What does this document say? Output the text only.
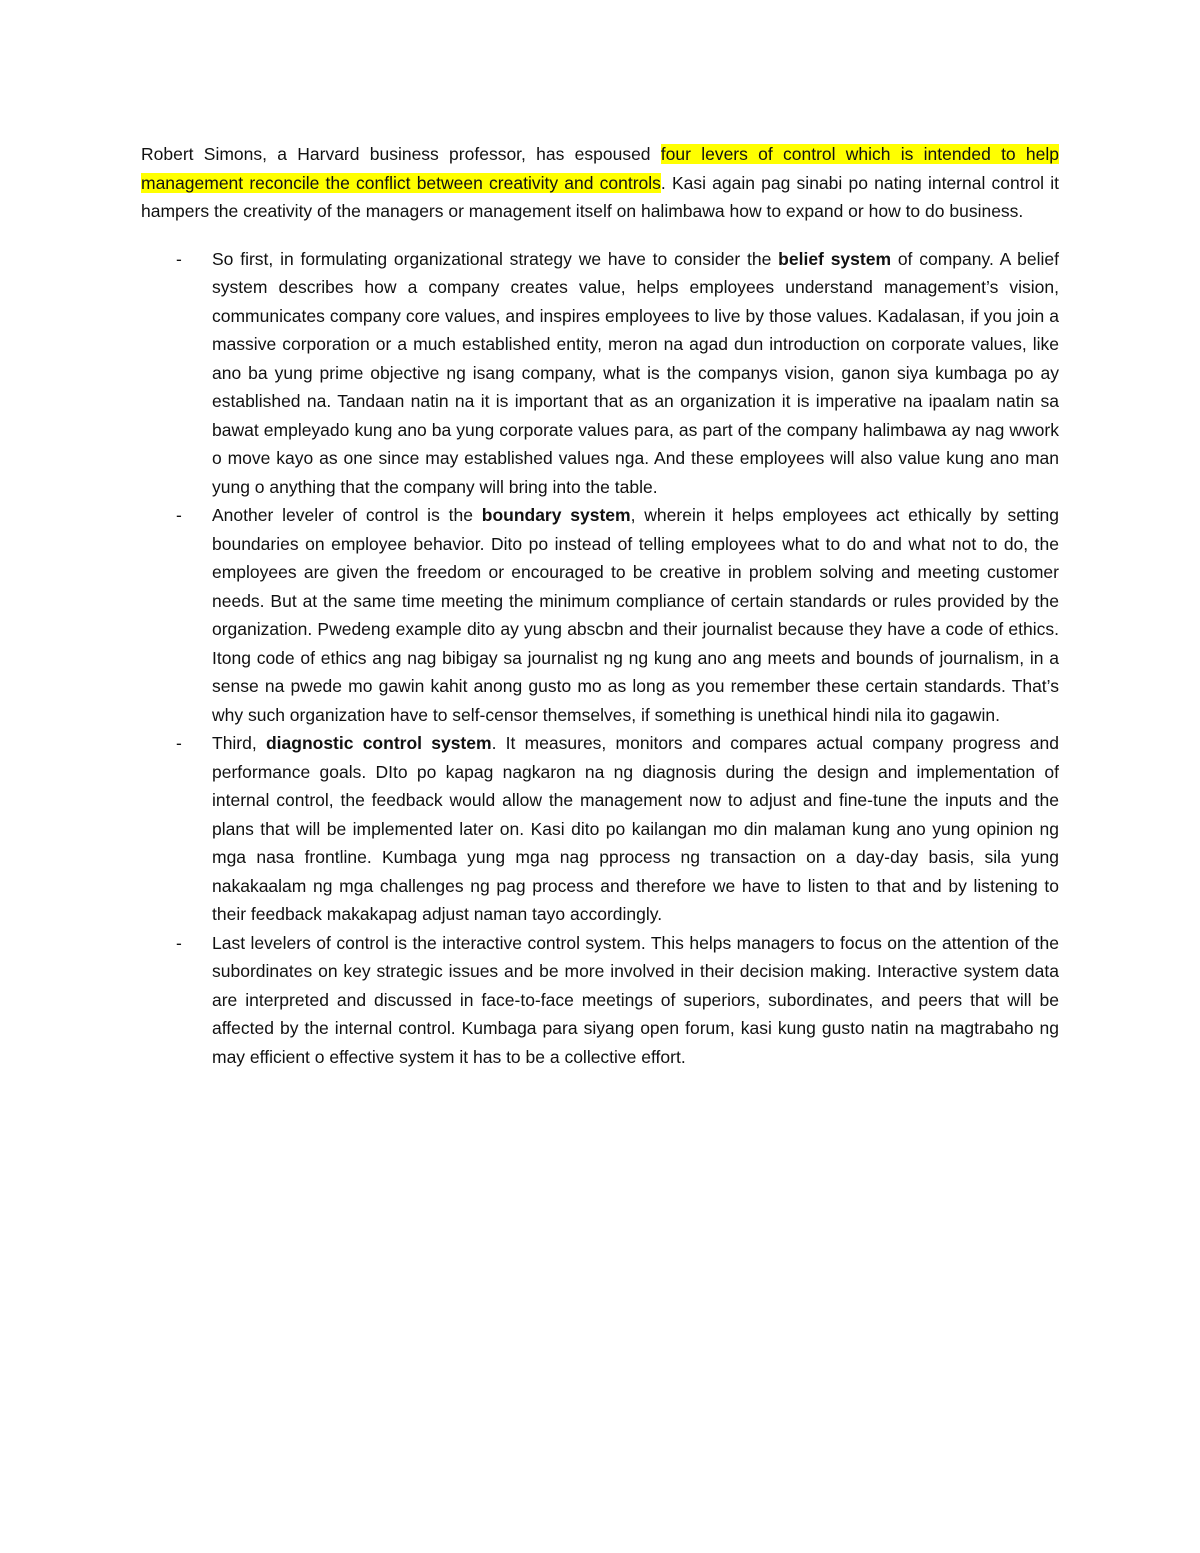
Robert Simons, a Harvard business professor, has espoused four levers of control which is intended to help management reconcile the conflict between creativity and controls. Kasi again pag sinabi po nating internal control it hampers the creativity of the managers or management itself on halimbawa how to expand or how to do business.

- So first, in formulating organizational strategy we have to consider the belief system of company. A belief system describes how a company creates value, helps employees understand management’s vision, communicates company core values, and inspires employees to live by those values. Kadalasan, if you join a massive corporation or a much established entity, meron na agad dun introduction on corporate values, like ano ba yung prime objective ng isang company, what is the companys vision, ganon siya kumbaga po ay established na. Tandaan natin na it is important that as an organization it is imperative na ipaalam natin sa bawat empleyado kung ano ba yung corporate values para, as part of the company halimbawa ay nag wwork o move kayo as one since may established values nga. And these employees will also value kung ano man yung o anything that the company will bring into the table.
- Another leveler of control is the boundary system, wherein it helps employees act ethically by setting boundaries on employee behavior. Dito po instead of telling employees what to do and what not to do, the employees are given the freedom or encouraged to be creative in problem solving and meeting customer needs. But at the same time meeting the minimum compliance of certain standards or rules provided by the organization. Pwedeng example dito ay yung abscbn and their journalist because they have a code of ethics. Itong code of ethics ang nag bibigay sa journalist ng ng kung ano ang meets and bounds of journalism, in a sense na pwede mo gawin kahit anong gusto mo as long as you remember these certain standards. That’s why such organization have to self-censor themselves, if something is unethical hindi nila ito gagawin.
- Third, diagnostic control system. It measures, monitors and compares actual company progress and performance goals. DIto po kapag nagkaron na ng diagnosis during the design and implementation of internal control, the feedback would allow the management now to adjust and fine-tune the inputs and the plans that will be implemented later on. Kasi dito po kailangan mo din malaman kung ano yung opinion ng mga nasa frontline. Kumbaga yung mga nag pprocess ng transaction on a day-day basis, sila yung nakakaalam ng mga challenges ng pag process and therefore we have to listen to that and by listening to their feedback makakapag adjust naman tayo accordingly.
- Last levelers of control is the interactive control system. This helps managers to focus on the attention of the subordinates on key strategic issues and be more involved in their decision making. Interactive system data are interpreted and discussed in face-to-face meetings of superiors, subordinates, and peers that will be affected by the internal control. Kumbaga para siyang open forum, kasi kung gusto natin na magtrabaho ng may efficient o effective system it has to be a collective effort.
